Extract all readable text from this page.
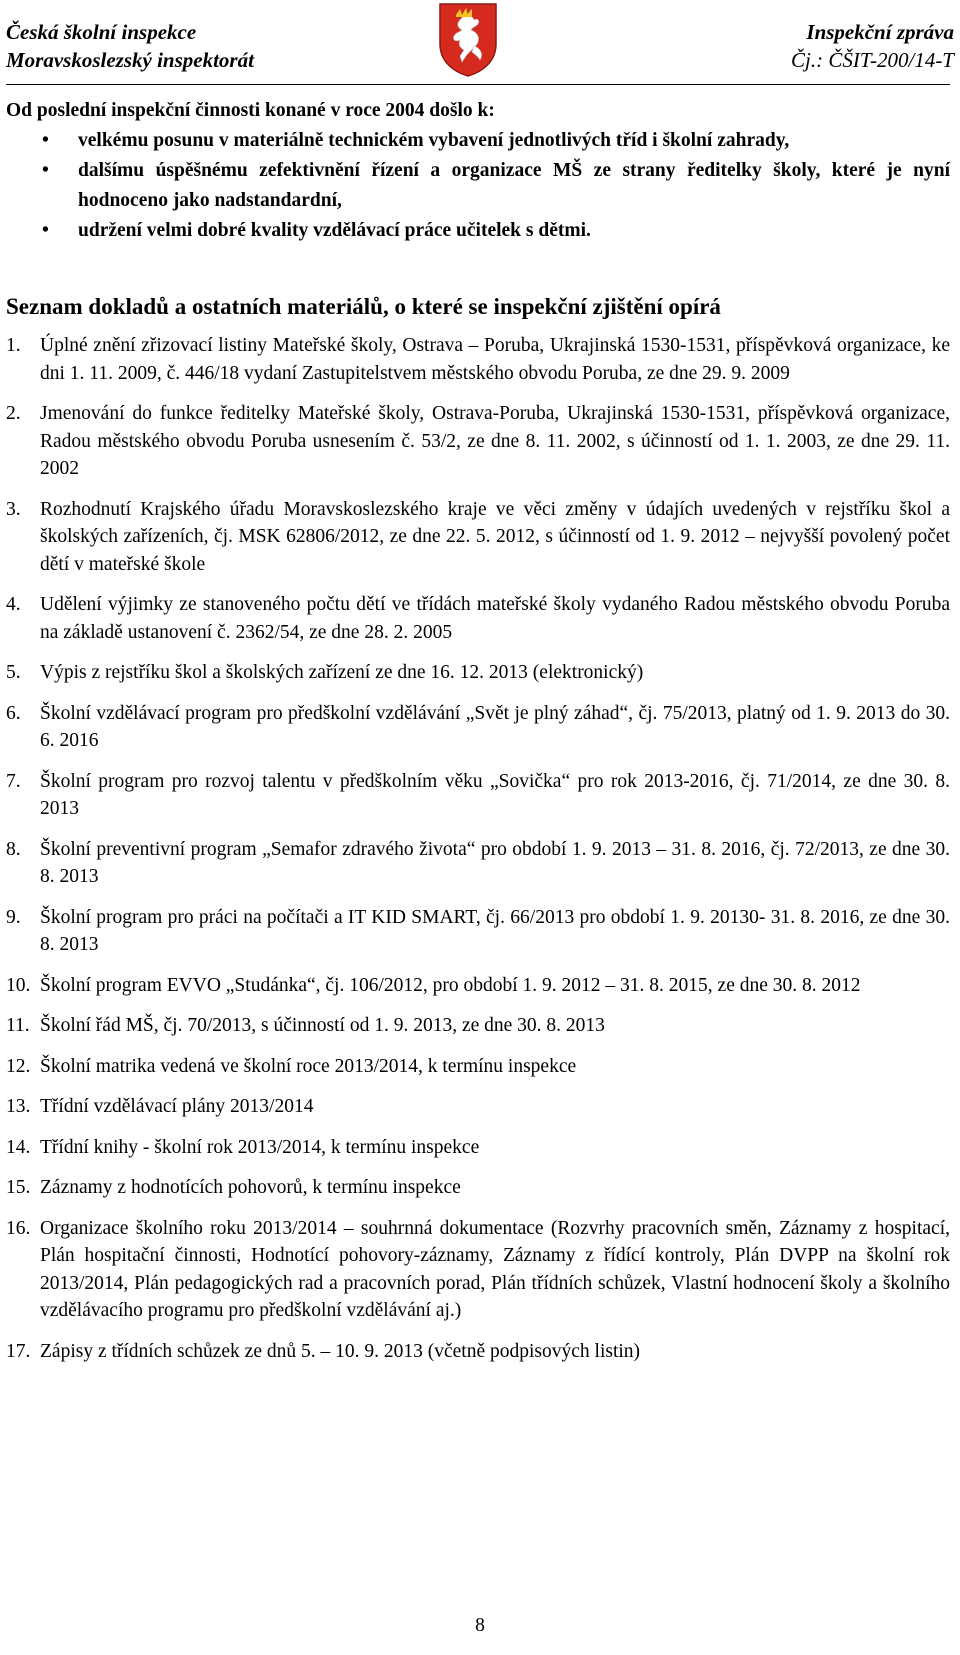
Česká školní inspekce
Moravskoslezský inspektorát
Inspekční zpráva
Čj.: ČŠIT-200/14-T

Od poslední inspekční činnosti konané v roce 2004 došlo k:

• velkému posunu v materiálně technickém vybavení jednotlivých tříd i školní zahrady,
• dalšímu úspěšnému zefektivnění řízení a organizace MŠ ze strany ředitelky školy, které je nyní hodnoceno jako nadstandardní,
• udržení velmi dobré kvality vzdělávací práce učitelek s dětmi.
Seznam dokladů a ostatních materiálů, o které se inspekční zjištění opírá
1. Úplné znění zřizovací listiny Mateřské školy, Ostrava – Poruba, Ukrajinská 1530-1531, příspěvková organizace, ke dni 1. 11. 2009, č. 446/18 vydaní Zastupitelstvem městského obvodu Poruba, ze dne 29. 9. 2009
2. Jmenování do funkce ředitelky Mateřské školy, Ostrava-Poruba, Ukrajinská 1530-1531, příspěvková organizace, Radou městského obvodu Poruba usnesením č. 53/2, ze dne 8. 11. 2002, s účinností od 1. 1. 2003, ze dne 29. 11. 2002
3. Rozhodnutí Krajského úřadu Moravskoslezského kraje ve věci změny v údajích uvedených v rejstříku škol a školských zařízeních, čj. MSK 62806/2012, ze dne 22. 5. 2012, s účinností od 1. 9. 2012 – nejvyšší povolený počet dětí v mateřské škole
4. Udělení výjimky ze stanoveného počtu dětí ve třídách mateřské školy vydaného Radou městského obvodu Poruba na základě ustanovení č. 2362/54, ze dne 28. 2. 2005
5. Výpis z rejstříku škol a školských zařízení ze dne 16. 12. 2013 (elektronický)
6. Školní vzdělávací program pro předškolní vzdělávání „Svět je plný záhad“, čj. 75/2013, platný od 1. 9. 2013 do 30. 6. 2016
7. Školní program pro rozvoj talentu v předškolním věku „Sovička“ pro rok 2013-2016, čj. 71/2014, ze dne 30. 8. 2013
8. Školní preventivní program „Semafor zdravého života“ pro období 1. 9. 2013 – 31. 8. 2016, čj. 72/2013, ze dne 30. 8. 2013
9. Školní program pro práci na počítači a IT KID SMART, čj. 66/2013 pro období 1. 9. 20130- 31. 8. 2016, ze dne 30. 8. 2013
10. Školní program EVVO „Studánka“, čj. 106/2012, pro období 1. 9. 2012 – 31. 8. 2015, ze dne 30. 8. 2012
11. Školní řád MŠ, čj. 70/2013, s účinností od 1. 9. 2013, ze dne 30. 8. 2013
12. Školní matrika vedená ve školní roce 2013/2014, k termínu inspekce
13. Třídní vzdělávací plány 2013/2014
14. Třídní knihy - školní rok 2013/2014, k termínu inspekce
15. Záznamy z hodnotících pohovorů, k termínu inspekce
16. Organizace školního roku 2013/2014 – souhrnná dokumentace (Rozvrhy pracovních směn, Záznamy z hospitací, Plán hospitační činnosti, Hodnotící pohovory-záznamy, Záznamy z řídící kontroly, Plán DVPP na školní rok 2013/2014, Plán pedagogických rad a pracovních porad, Plán třídních schůzek, Vlastní hodnocení školy a školního vzdělávacího programu pro předškolní vzdělávání aj.)
17. Zápisy z třídních schůzek ze dnů 5. – 10. 9. 2013 (včetně podpisových listin)
8
